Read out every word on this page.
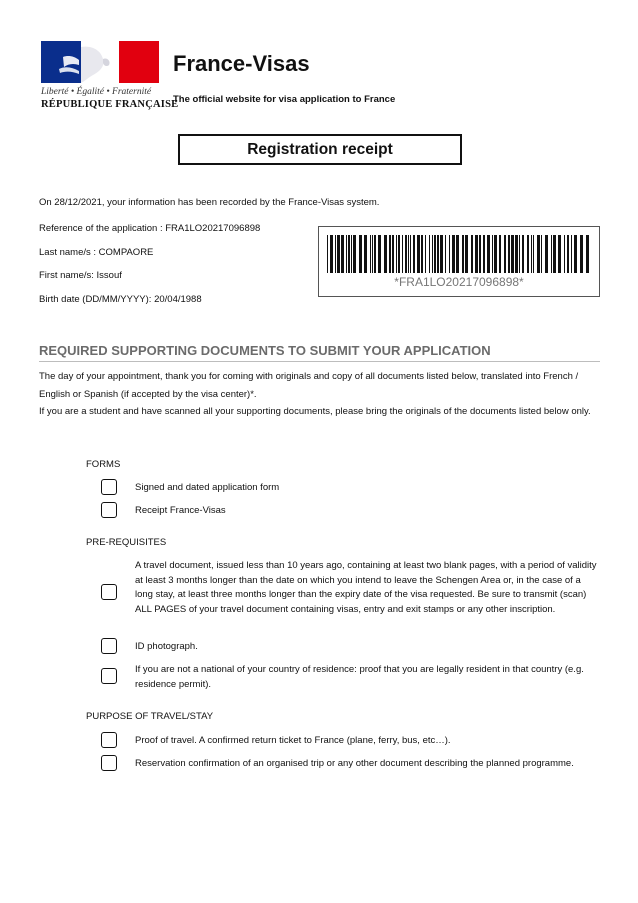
Liberté • Égalité • Fraternité
RÉPUBLIQUE FRANÇAISE
France-Visas
The official website for visa application to France
Registration receipt
On 28/12/2021, your information has been recorded by the France-Visas system.
Reference of the application : FRA1LO20217096898
Last name/s : COMPAORE
First name/s: Issouf
Birth date (DD/MM/YYYY): 20/04/1988
*FRA1LO20217096898*
REQUIRED SUPPORTING DOCUMENTS TO SUBMIT YOUR APPLICATION
The day of your appointment, thank you for coming with originals and copy of all documents listed below, translated into French / English or Spanish (if accepted by the visa center)*.
If you are a student and have scanned all your supporting documents, please bring the originals of the documents listed below only.
FORMS
Signed and dated application form
Receipt France-Visas
PRE-REQUISITES
A travel document, issued less than 10 years ago, containing at least two blank pages, with a period of validity at least 3 months longer than the date on which you intend to leave the Schengen Area or, in the case of a long stay, at least three months longer than the expiry date of the visa requested. Be sure to transmit (scan) ALL PAGES of your travel document containing visas, entry and exit stamps or any other inscription.
ID photograph.
If you are not a national of your country of residence: proof that you are legally resident in that country (e.g. residence permit).
PURPOSE OF TRAVEL/STAY
Proof of travel. A confirmed return ticket to France (plane, ferry, bus, etc…).
Reservation confirmation of an organised trip or any other document describing the planned programme.
